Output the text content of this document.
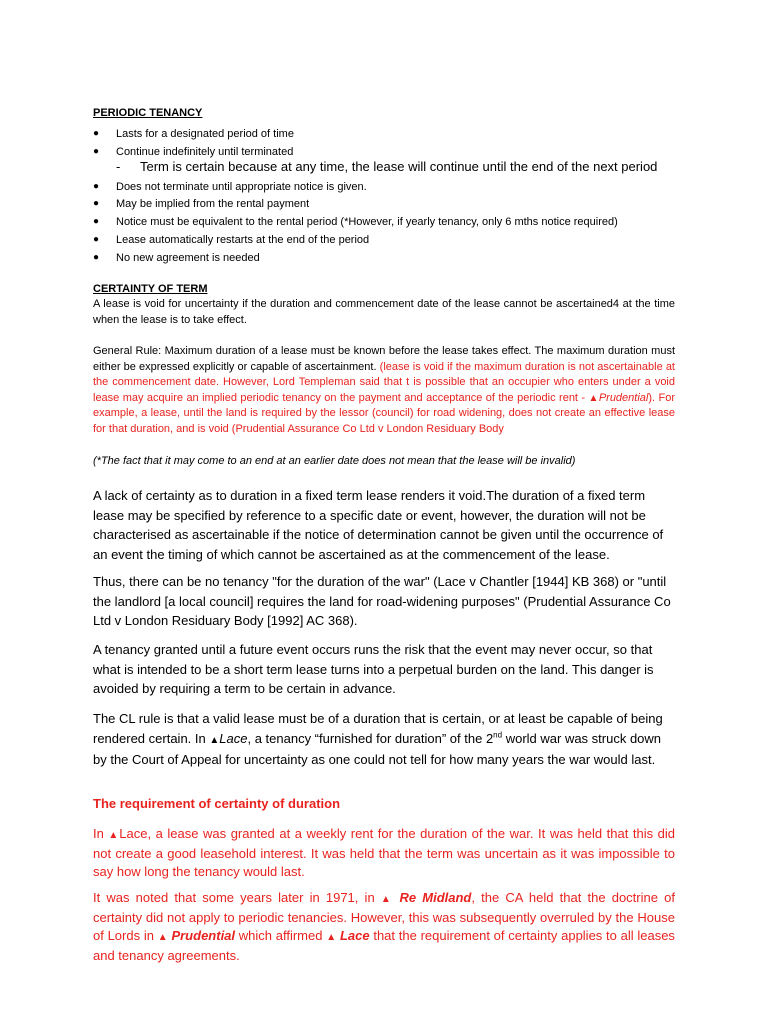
PERIODIC TENANCY
● Lasts for a designated period of time
● Continue indefinitely until terminated
- Term is certain because at any time, the lease will continue until the end of the next period
● Does not terminate until appropriate notice is given.
● May be implied from the rental payment
● Notice must be equivalent to the rental period (*However, if yearly tenancy, only 6 mths notice required)
● Lease automatically restarts at the end of the period
● No new agreement is needed
CERTAINTY OF TERM
A lease is void for uncertainty if the duration and commencement date of the lease cannot be ascertained4 at the time when the lease is to take effect.
General Rule: Maximum duration of a lease must be known before the lease takes effect. The maximum duration must either be expressed explicitly or capable of ascertainment. (lease is void if the maximum duration is not ascertainable at the commencement date. However, Lord Templeman said that t is possible that an occupier who enters under a void lease may acquire an implied periodic tenancy on the payment and acceptance of the periodic rent - ▲Prudential). For example, a lease, until the land is required by the lessor (council) for road widening, does not create an effective lease for that duration, and is void (Prudential Assurance Co Ltd v London Residuary Body
(*The fact that it may come to an end at an earlier date does not mean that the lease will be invalid)
A lack of certainty as to duration in a fixed term lease renders it void.The duration of a fixed term lease may be specified by reference to a specific date or event, however, the duration will not be characterised as ascertainable if the notice of determination cannot be given until the occurrence of an event the timing of which cannot be ascertained as at the commencement of the lease.
Thus, there can be no tenancy "for the duration of the war" (Lace v Chantler [1944] KB 368) or "until the landlord [a local council] requires the land for road-widening purposes" (Prudential Assurance Co Ltd v London Residuary Body [1992] AC 368).
A tenancy granted until a future event occurs runs the risk that the event may never occur, so that what is intended to be a short term lease turns into a perpetual burden on the land. This danger is avoided by requiring a term to be certain in advance.
The CL rule is that a valid lease must be of a duration that is certain, or at least be capable of being rendered certain. In ▲Lace, a tenancy “furnished for duration” of the 2nd world war was struck down by the Court of Appeal for uncertainty as one could not tell for how many years the war would last.
The requirement of certainty of duration
In ▲Lace, a lease was granted at a weekly rent for the duration of the war. It was held that this did not create a good leasehold interest. It was held that the term was uncertain as it was impossible to say how long the tenancy would last.
It was noted that some years later in 1971, in ▲ Re Midland, the CA held that the doctrine of certainty did not apply to periodic tenancies. However, this was subsequently overruled by the House of Lords in ▲ Prudential which affirmed ▲ Lace that the requirement of certainty applies to all leases and tenancy agreements.
